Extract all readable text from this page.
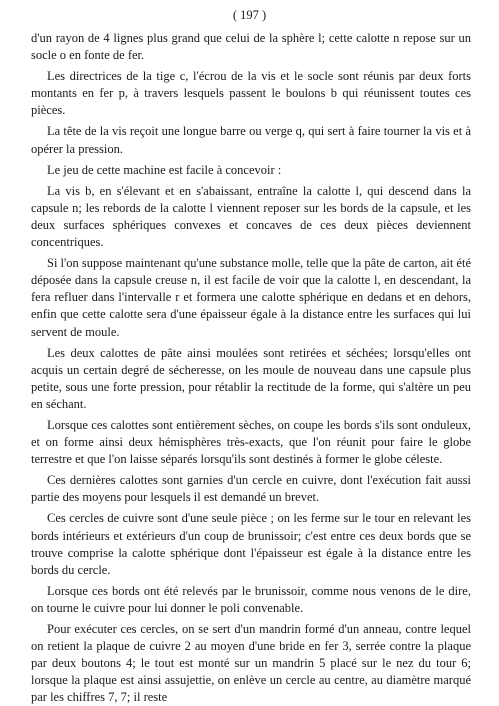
( 197 )

d'un rayon de 4 lignes plus grand que celui de la sphère l; cette calotte n repose sur un socle o en fonte de fer.

Les directrices de la tige c, l'écrou de la vis et le socle sont réunis par deux forts montants en fer p, à travers lesquels passent le boulons b qui réunissent toutes ces pièces.

La tête de la vis reçoit une longue barre ou verge q, qui sert à faire tourner la vis et à opérer la pression.

Le jeu de cette machine est facile à concevoir :

La vis b, en s'élevant et en s'abaissant, entraîne la calotte l, qui descend dans la capsule n; les rebords de la calotte l viennent reposer sur les bords de la capsule, et les deux surfaces sphériques convexes et concaves de ces deux pièces deviennent concentriques.

Si l'on suppose maintenant qu'une substance molle, telle que la pâte de carton, ait été déposée dans la capsule creuse n, il est facile de voir que la calotte l, en descendant, la fera refluer dans l'intervalle r et formera une calotte sphérique en dedans et en dehors, enfin que cette calotte sera d'une épaisseur égale à la distance entre les surfaces qui lui servent de moule.

Les deux calottes de pâte ainsi moulées sont retirées et séchées; lorsqu'elles ont acquis un certain degré de sécheresse, on les moule de nouveau dans une capsule plus petite, sous une forte pression, pour rétablir la rectitude de la forme, qui s'altère un peu en séchant.

Lorsque ces calottes sont entièrement sèches, on coupe les bords s'ils sont onduleux, et on forme ainsi deux hémisphères très-exacts, que l'on réunit pour faire le globe terrestre et que l'on laisse séparés lorsqu'ils sont destinés à former le globe céleste.

Ces dernières calottes sont garnies d'un cercle en cuivre, dont l'exécution fait aussi partie des moyens pour lesquels il est demandé un brevet.

Ces cercles de cuivre sont d'une seule pièce ; on les ferme sur le tour en relevant les bords intérieurs et extérieurs d'un coup de brunissoir; c'est entre ces deux bords que se trouve comprise la calotte sphérique dont l'épaisseur est égale à la distance entre les bords du cercle.

Lorsque ces bords ont été relevés par le brunissoir, comme nous venons de le dire, on tourne le cuivre pour lui donner le poli convenable.

Pour exécuter ces cercles, on se sert d'un mandrin formé d'un anneau, contre lequel on retient la plaque de cuivre 2 au moyen d'une bride en fer 3, serrée contre la plaque par deux boutons 4; le tout est monté sur un mandrin 5 placé sur le nez du tour 6; lorsque la plaque est ainsi assujettie, on enlève un cercle au centre, au diamètre marqué par les chiffres 7, 7; il reste
